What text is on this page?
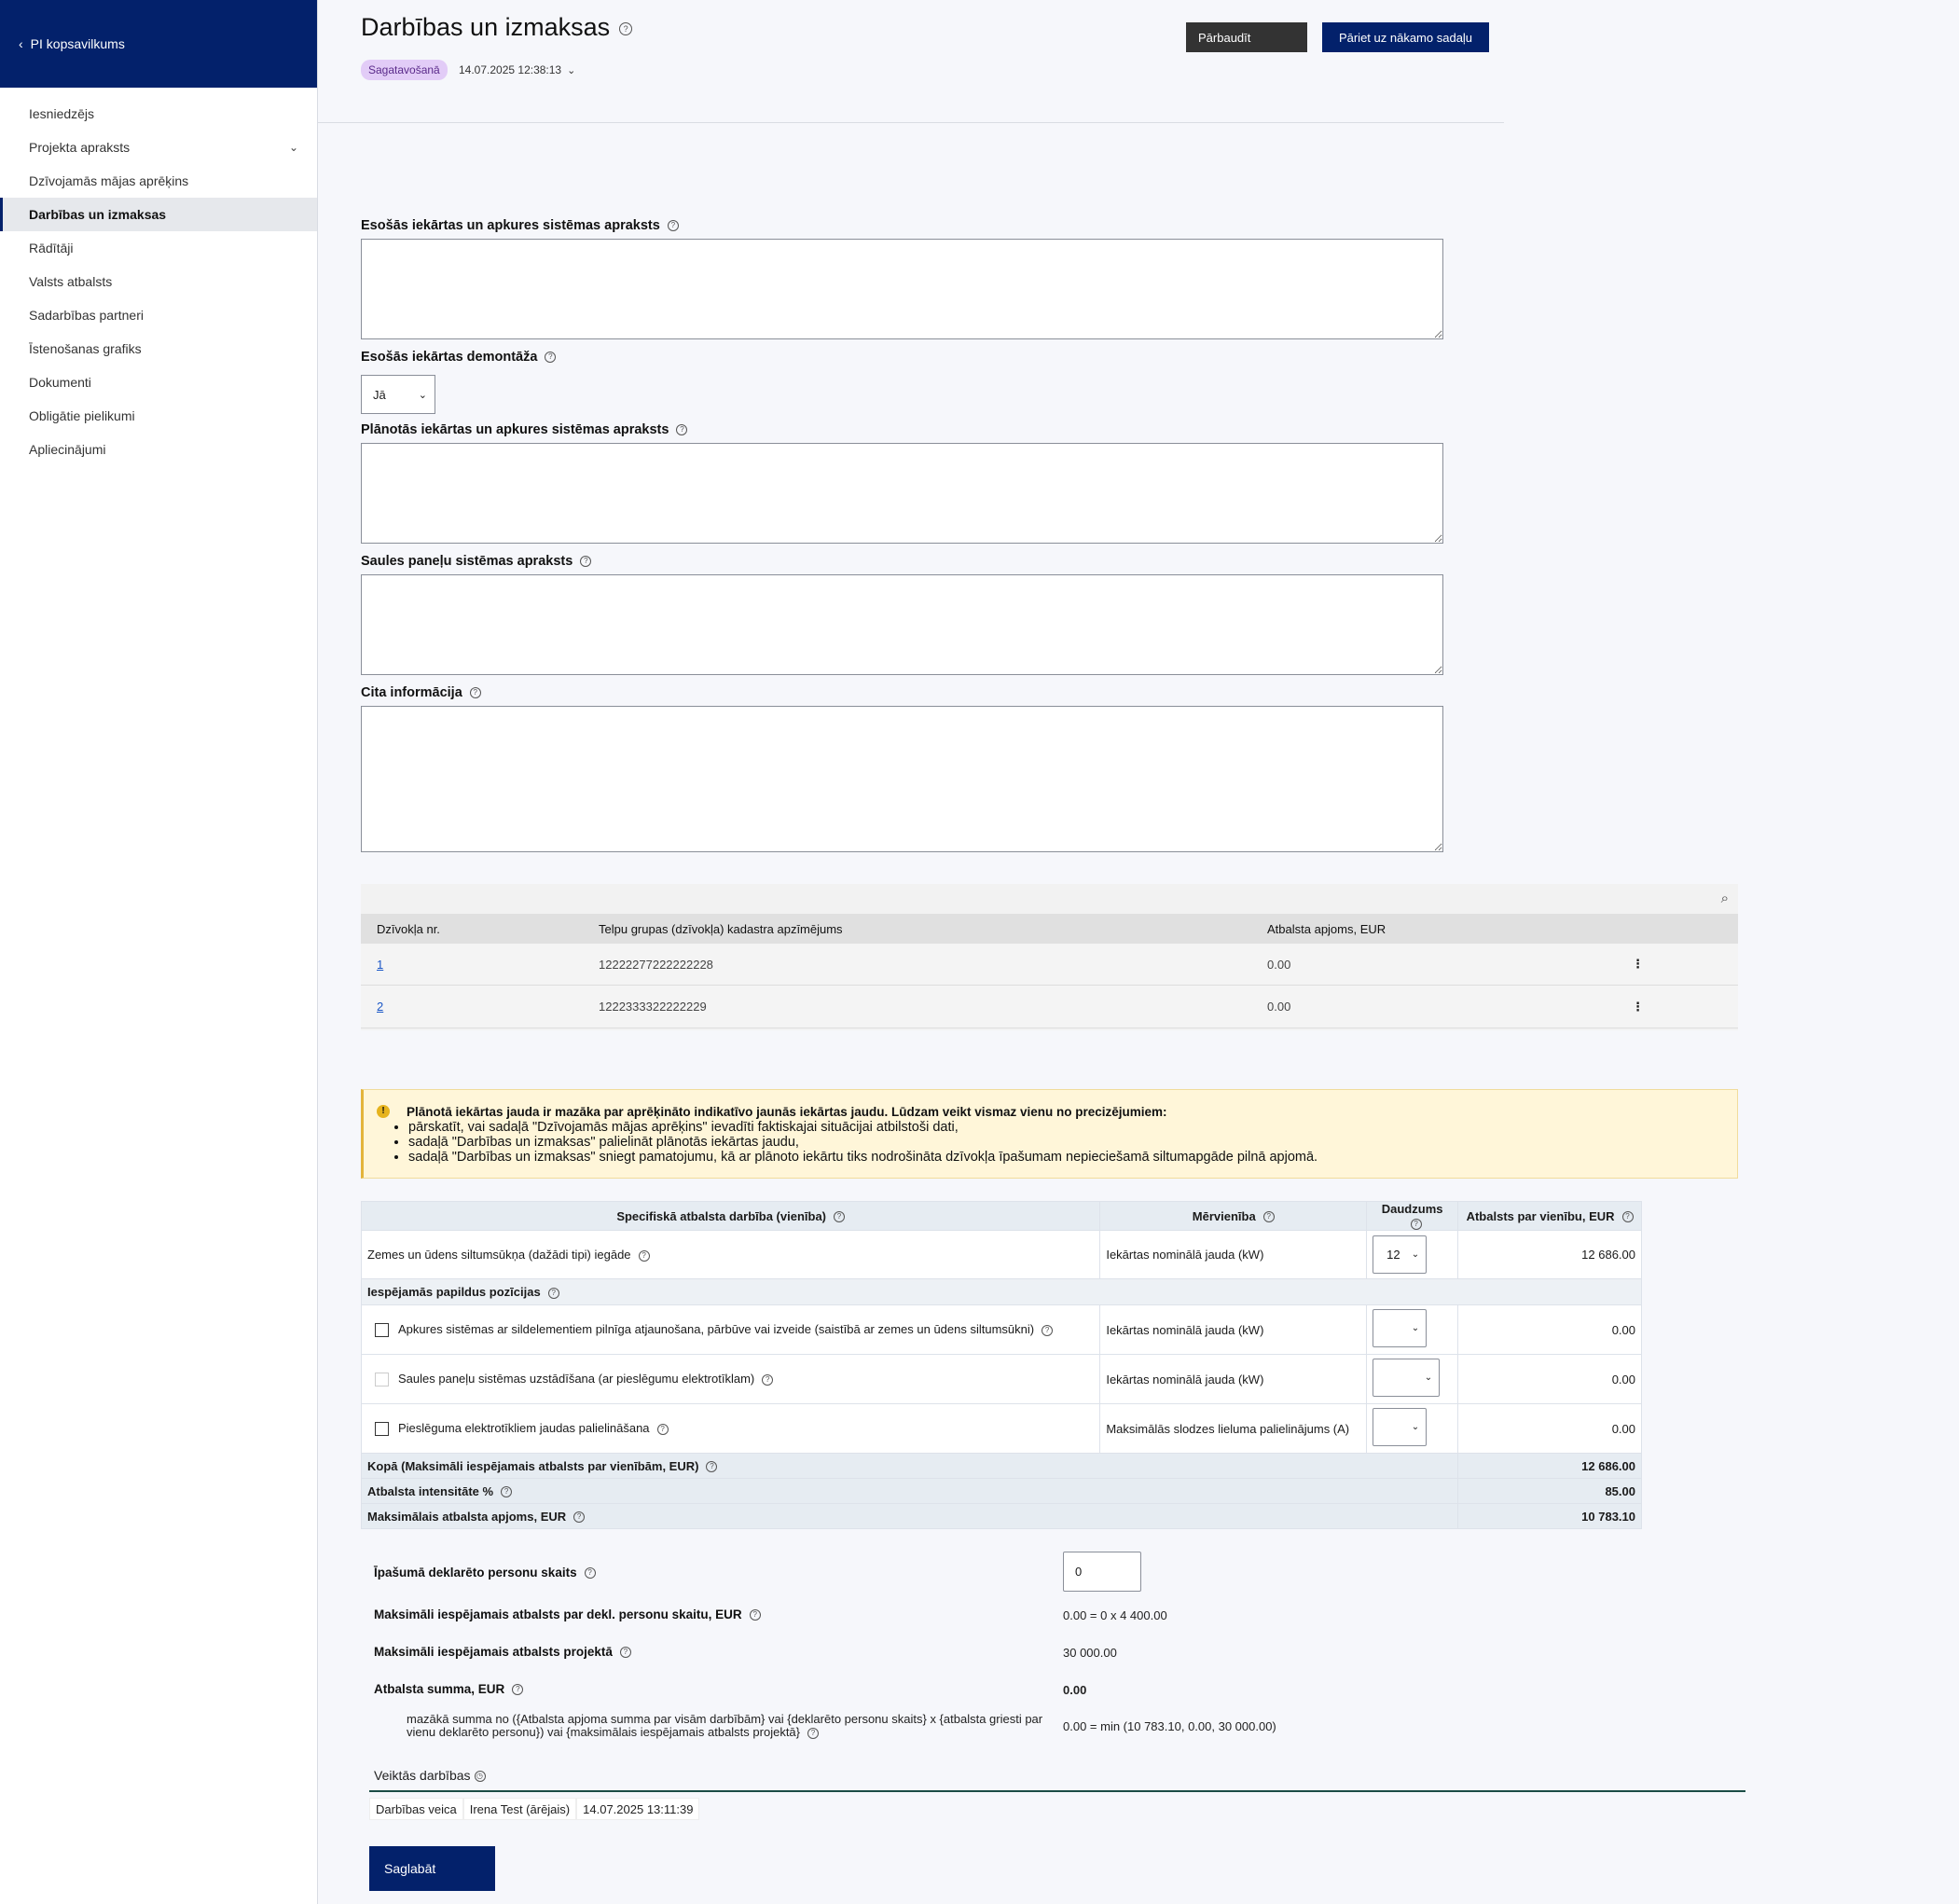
‹ PI kopsavilkums
Iesniedzējs
Projekta apraksts	⌄
Dzīvojamās mājas aprēķins
Darbības un izmaksas
Rādītāji
Valsts atbalsts
Sadarbības partneri
Īstenošanas grafiks
Dokumenti
Obligātie pielikumi
Apliecinājumi
Darbības un izmaksas ?
Sagatavošanā	14.07.2025 12:38:13 ⌄
Pārbaudīt	Pāriet uz nākamo sadaļu
Esošās iekārtas un apkures sistēmas apraksts ?
Esošās iekārtas demontāža ?
Jā	⌄
Plānotās iekārtas un apkures sistēmas apraksts ?
Saules paneļu sistēmas apraksts ?
Cita informācija ?
⌕
Dzīvokļa nr.	Telpu grupas (dzīvokļa) kadastra apzīmējums	Atbalsta apjoms, EUR
1	12222277222222228	0.00	⋮
2	1222333322222229	0.00	⋮
!	Plānotā iekārtas jauda ir mazāka par aprēķināto indikatīvo jaunās iekārtas jaudu. Lūdzam veikt vismaz vienu no precizējumiem:
• pārskatīt, vai sadaļā "Dzīvojamās mājas aprēķins" ievadīti faktiskajai situācijai atbilstoši dati,
• sadaļā "Darbības un izmaksas" palielināt plānotās iekārtas jaudu,
• sadaļā "Darbības un izmaksas" sniegt pamatojumu, kā ar plānoto iekārtu tiks nodrošināta dzīvokļa īpašumam nepieciešamā siltumapgāde pilnā apjomā.
Specifiskā atbalsta darbība (vienība) ?	Mērvienība ?	Daudzums?	Atbalsts par vienību, EUR ?
Zemes un ūdens siltumsūkņa (dažādi tipi) iegāde ?	Iekārtas nominālā jauda (kW)	12 ⌄	12 686.00
Iespējamās papildus pozīcijas ?			
Apkures sistēmas ar sildelementiem pilnīga atjaunošana, pārbūve vai izveide (saistībā ar zemes un ūdens siltumsūkni) ?	Iekārtas nominālā jauda (kW)	⌄	0.00
Saules paneļu sistēmas uzstādīšana (ar pieslēgumu elektrotīklam) ?	Iekārtas nominālā jauda (kW)	⌄	0.00
Pieslēguma elektrotīkliem jaudas palielināšana ?	Maksimālās slodzes lieluma palielinājums (A)	⌄	0.00
Kopā (Maksimāli iespējamais atbalsts par vienībām, EUR) ?			12 686.00
Atbalsta intensitāte % ?			85.00
Maksimālais atbalsta apjoms, EUR ?			10 783.10
Īpašumā deklarēto personu skaits ?	0
Maksimāli iespējamais atbalsts par dekl. personu skaitu, EUR ?	0.00 = 0 x 4 400.00
Maksimāli iespējamais atbalsts projektā ?	30 000.00
Atbalsta summa, EUR ?	0.00
mazākā summa no ({Atbalsta apjoma summa par visām darbībām} vai {deklarēto personu skaits} x {atbalsta griesti par vienu deklarēto personu}) vai {maksimālais iespējamais atbalsts projektā} ?	0.00 = min (10 783.10, 0.00, 30 000.00)
Veiktās darbības ◷
Darbības veica	Irena Test (ārējais)	14.07.2025 13:11:39
Saglabāt
